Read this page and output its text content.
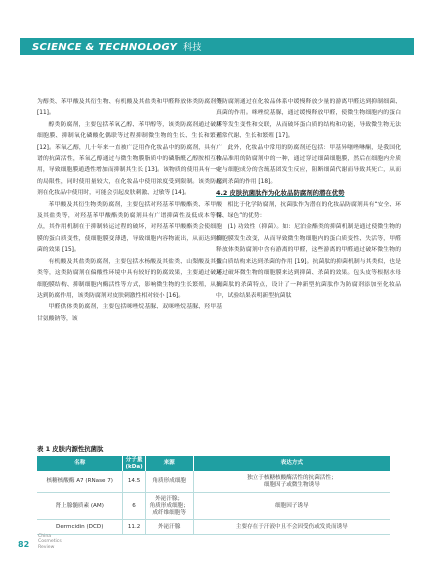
SCIENCE & TECHNOLOGY 科技

为醇类、苯甲酸及其衍生物、有机酸及其盐类和甲醛释放体类防腐剂等 [11]。

醇类防腐剂，主要包括苯氧乙醇、苯甲醇等，该类防腐剂通过破坏细胞膜、抑制氧化磷酸化偶联等过程抑制微生物的生长、生长和繁殖 [12]。苯氧乙醇，几十年来一直被广泛用作化妆品中的防腐剂，具有广谱的抗菌活性，苯氧乙醇通过与微生物膜脂质中的磷脂酰乙醇胺相互作用，导致细胞膜通透性增加而抑制其生长 [13]。该物质的使用具有一定的局限性，同时使用量较大，在化妆品中使用浓度受到限制。该类防腐剂在化妆品中使用时，可能会引起皮肤刺激、过敏等 [14]。

苯甲酸及其衍生物类防腐剂，主要包括对羟基苯甲酸酯类、苯甲酸及其盐类等，对羟基苯甲酸酯类防腐剂具有广谱抑菌性及低成本等特点，其作用机制在于抑制转运过程的破坏，对羟基苯甲酸酯类会使细胞膜的蛋白质变性，使细胞膜变薄透，导致细胞内容物流出，从而达到抑菌的效果 [15]。

有机酸及其盐类防腐剂，主要包括水杨酸及其盐类、山梨酸及其盐类等，这类防腐剂在偏酸性环境中具有较好的防腐效果，主要通过破坏细胞膜结构、抑制细胞内酶活性等方式，影响微生物的生长繁殖，从而达到防腐作用，该类防腐剂对皮肤刺激性相对较小 [16]。

甲醛供体类防腐剂，主要包括咪唑烷基脲、双咪唑烷基脲、羟甲基甘氨酸钠等，该

类防腐剂通过在化妆品体系中缓慢释放少量的游离甲醛达到抑制细菌、真菌的作用。咪唑烷基脲，通过缓慢释放甲醛，使微生物细胞内的蛋白质等发生变性和交联，从而破坏蛋白质的结构和功能，导致微生物无法正常代谢、生长和繁殖 [17]。

此外，化妆品中常用的防腐剂还包括：甲基异噻唑啉酮，是我国化妆品准用的防腐剂中的一种，通过穿过细菌细胞膜，然后在细胞内介质中与细胞成分的含巯基团发生反应，阻断细菌代谢而导致其死亡，从而起到杀菌的作用 [18]。

4.2 皮肤抗菌肽作为化妆品防腐剂的潜在优势

相比于化学防腐剂，抗菌肽作为潜在的化妆品防腐剂具有“安全、环保、绿色”的优势：

(1) 功效性（抑菌）。如：尼泊金酯类的抑菌机制是通过使微生物的细胞膜发生改变，从而导致微生物细胞内的蛋白质变性、失活等，甲醛释放体类防腐剂中含有游离的甲醛，这些游离的甲醛通过破坏微生物的蛋白质结构来达到杀菌的作用 [19]。抗菌肽的抑菌机制与其类似，也是通过破坏微生物的细胞膜来达到抑菌、杀菌的效果。包头皮等根据水母抗菌肽的杀菌特点，设计了一种新型抗菌肽作为防腐剂添加至化妆品中，试验结果表明新型抗菌肽

表 1 皮肤内源性抗菌肽
名称	分子量 (kDa)	来源	表达方式
核糖核酸酶 A7 (RNase 7)	14.5	角质形成细胞	独立于核糖核酸酶活性的抗菌活性；
细胞因子或微生物诱导

肾上腺髓质素 (AM)	6	外泌汗腺；
角质形成细胞；
成纤维细胞等	细胞因子诱导
Dermcidin (DCD)	11.2	外泌汗腺	主要存在于汗液中且不会因受伤或发炎而诱导
82
China
Cosmetics
Review
